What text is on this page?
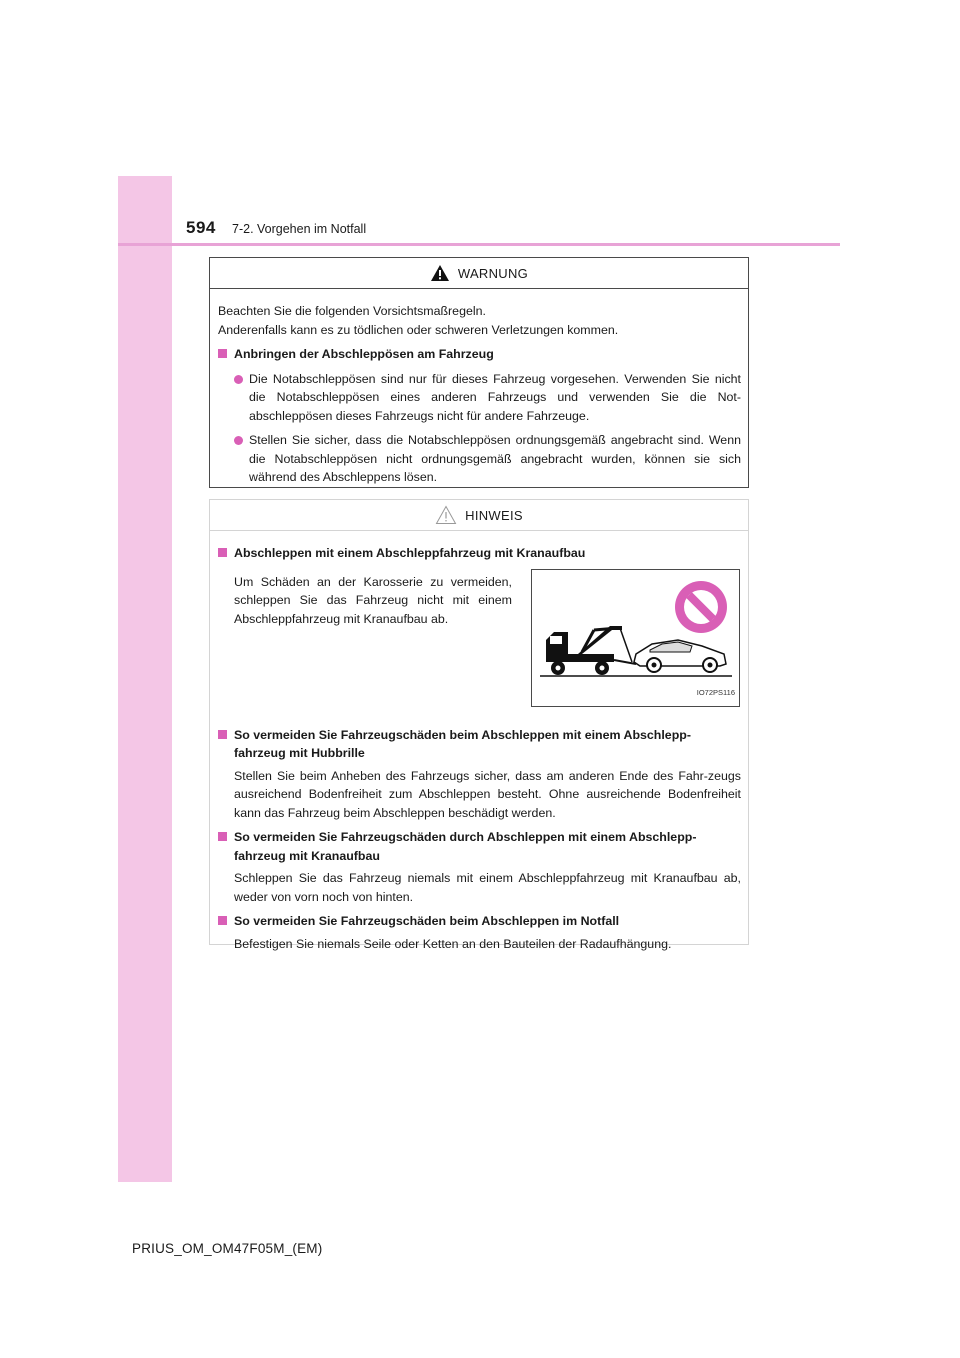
594 7-2. Vorgehen im Notfall
WARNUNG

Beachten Sie die folgenden Vorsichtsmaßregeln.

Anderenfalls kann es zu tödlichen oder schweren Verletzungen kommen.

Anbringen der Abschleppösen am Fahrzeug
Die Notabschleppösen sind nur für dieses Fahrzeug vorgesehen. Verwenden Sie nicht die Notabschleppösen eines anderen Fahrzeugs und verwenden Sie die Not-abschleppösen dieses Fahrzeugs nicht für andere Fahrzeuge.
Stellen Sie sicher, dass die Notabschleppösen ordnungsgemäß angebracht sind. Wenn die Notabschleppösen nicht ordnungsgemäß angebracht wurden, können sie sich während des Abschleppens lösen.
HINWEIS
Abschleppen mit einem Abschleppfahrzeug mit Kranaufbau
Um Schäden an der Karosserie zu vermeiden, schleppen Sie das Fahrzeug nicht mit einem Abschleppfahrzeug mit Kranaufbau ab.
IO72PS116
So vermeiden Sie Fahrzeugschäden beim Abschleppen mit einem Abschlepp-fahrzeug mit Hubbrille
Stellen Sie beim Anheben des Fahrzeugs sicher, dass am anderen Ende des Fahr-zeugs ausreichend Bodenfreiheit zum Abschleppen besteht. Ohne ausreichende Bodenfreiheit kann das Fahrzeug beim Abschleppen beschädigt werden.
So vermeiden Sie Fahrzeugschäden durch Abschleppen mit einem Abschlepp-fahrzeug mit Kranaufbau
Schleppen Sie das Fahrzeug niemals mit einem Abschleppfahrzeug mit Kranaufbau ab, weder von vorn noch von hinten.
So vermeiden Sie Fahrzeugschäden beim Abschleppen im Notfall
Befestigen Sie niemals Seile oder Ketten an den Bauteilen der Radaufhängung.
PRIUS_OM_OM47F05M_(EM)
